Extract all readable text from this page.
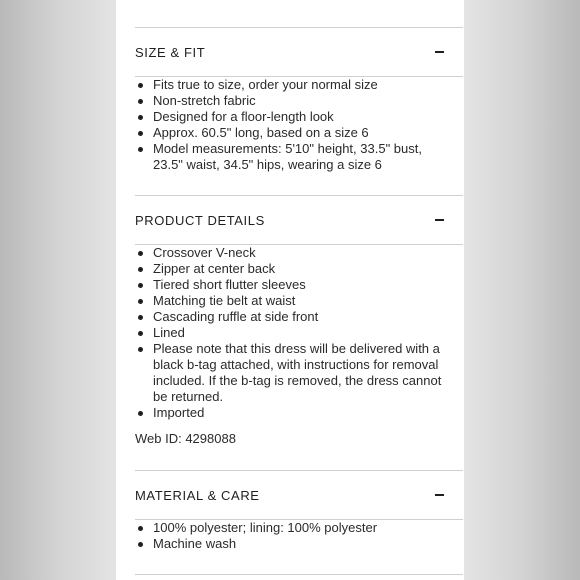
SIZE & FIT
Fits true to size, order your normal size
Non-stretch fabric
Designed for a floor-length look
Approx. 60.5" long, based on a size 6
Model measurements: 5'10" height, 33.5" bust, 23.5" waist, 34.5" hips, wearing a size 6
PRODUCT DETAILS
Crossover V-neck
Zipper at center back
Tiered short flutter sleeves
Matching tie belt at waist
Cascading ruffle at side front
Lined
Please note that this dress will be delivered with a black b-tag attached, with instructions for removal included. If the b-tag is removed, the dress cannot be returned.
Imported
Web ID: 4298088
MATERIAL & CARE
100% polyester; lining: 100% polyester
Machine wash
